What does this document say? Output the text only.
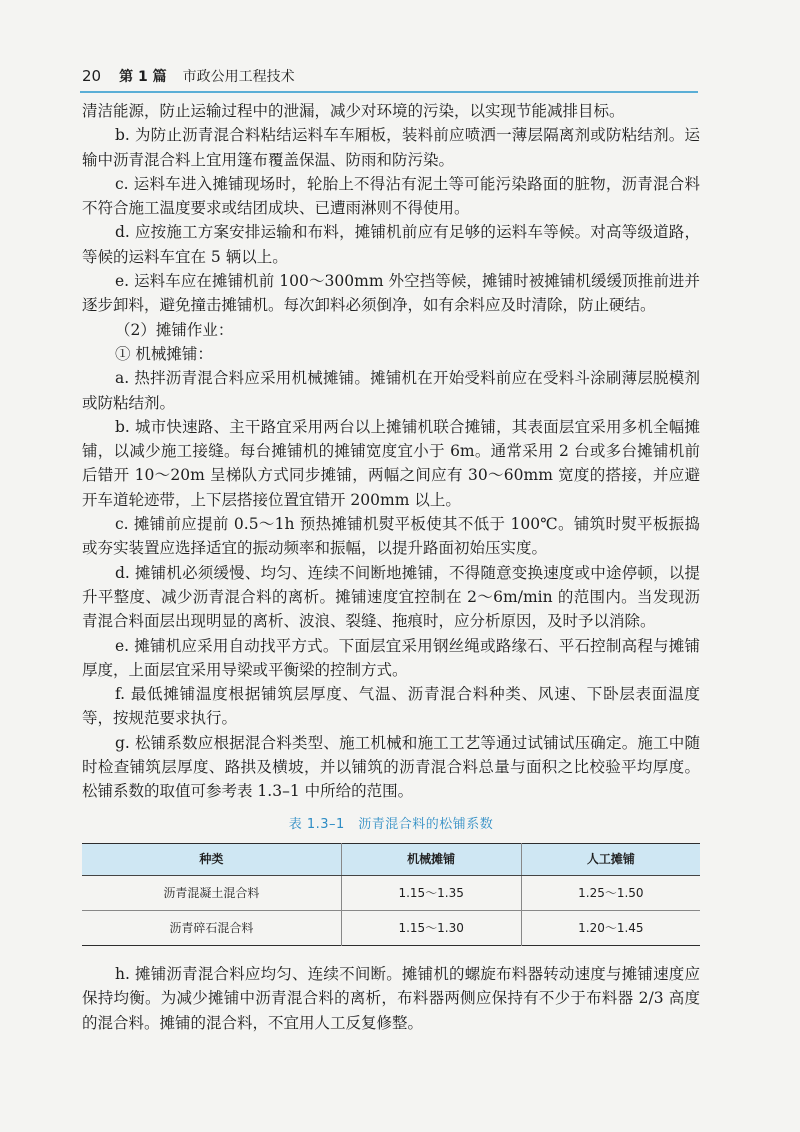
20 第 1 篇 市政公用工程技术

清洁能源，防止运输过程中的泄漏，减少对环境的污染，以实现节能减排目标。

b. 为防止沥青混合料粘结运料车车厢板，装料前应喷洒一薄层隔离剂或防粘结剂。运输中沥青混合料上宜用篷布覆盖保温、防雨和防污染。

c. 运料车进入摊铺现场时，轮胎上不得沾有泥土等可能污染路面的脏物，沥青混合料不符合施工温度要求或结团成块、已遭雨淋则不得使用。

d. 应按施工方案安排运输和布料，摊铺机前应有足够的运料车等候。对高等级道路，等候的运料车宜在 5 辆以上。

e. 运料车应在摊铺机前 100～300mm 外空挡等候，摊铺时被摊铺机缓缓顶推前进并逐步卸料，避免撞击摊铺机。每次卸料必须倒净，如有余料应及时清除，防止硬结。

（2）摊铺作业：

① 机械摊铺：

a. 热拌沥青混合料应采用机械摊铺。摊铺机在开始受料前应在受料斗涂刷薄层脱模剂或防粘结剂。

b. 城市快速路、主干路宜采用两台以上摊铺机联合摊铺，其表面层宜采用多机全幅摊铺，以减少施工接缝。每台摊铺机的摊铺宽度宜小于 6m。通常采用 2 台或多台摊铺机前后错开 10～20m 呈梯队方式同步摊铺，两幅之间应有 30～60mm 宽度的搭接，并应避开车道轮迹带，上下层搭接位置宜错开 200mm 以上。

c. 摊铺前应提前 0.5～1h 预热摊铺机熨平板使其不低于 100℃。铺筑时熨平板振捣或夯实装置应选择适宜的振动频率和振幅，以提升路面初始压实度。

d. 摊铺机必须缓慢、均匀、连续不间断地摊铺，不得随意变换速度或中途停顿，以提升平整度、减少沥青混合料的离析。摊铺速度宜控制在 2～6m/min 的范围内。当发现沥青混合料面层出现明显的离析、波浪、裂缝、拖痕时，应分析原因，及时予以消除。

e. 摊铺机应采用自动找平方式。下面层宜采用钢丝绳或路缘石、平石控制高程与摊铺厚度，上面层宜采用导梁或平衡梁的控制方式。

f. 最低摊铺温度根据铺筑层厚度、气温、沥青混合料种类、风速、下卧层表面温度等，按规范要求执行。

g. 松铺系数应根据混合料类型、施工机械和施工工艺等通过试铺试压确定。施工中随时检查铺筑层厚度、路拱及横坡，并以铺筑的沥青混合料总量与面积之比校验平均厚度。松铺系数的取值可参考表 1.3–1 中所给的范围。

表 1.3–1　沥青混合料的松铺系数
种类	机械摊铺	人工摊铺
沥青混凝土混合料	1.15～1.35	1.25～1.50
沥青碎石混合料	1.15～1.30	1.20～1.45

h. 摊铺沥青混合料应均匀、连续不间断。摊铺机的螺旋布料器转动速度与摊铺速度应保持均衡。为减少摊铺中沥青混合料的离析，布料器两侧应保持有不少于布料器 2/3 高度的混合料。摊铺的混合料，不宜用人工反复修整。
